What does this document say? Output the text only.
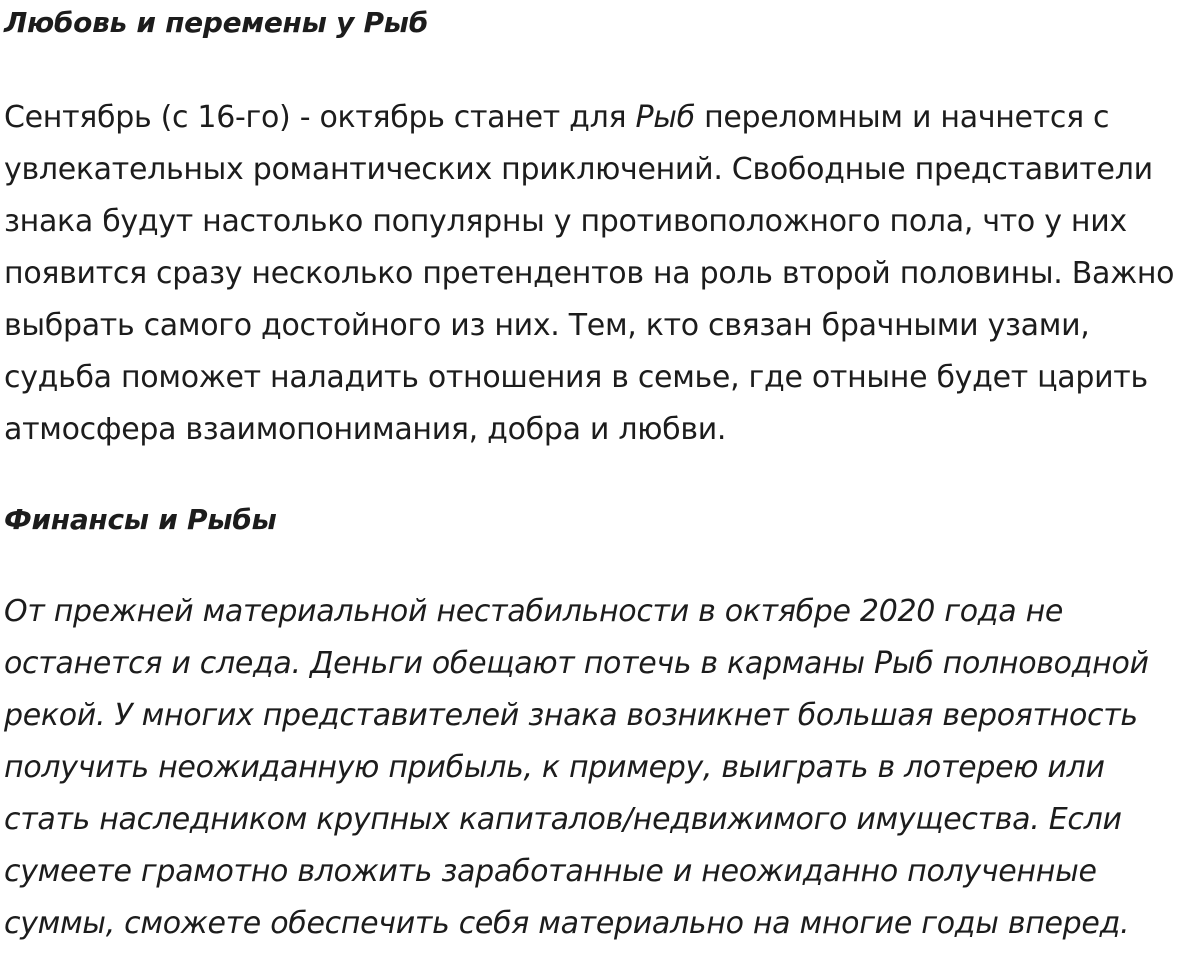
Любовь и перемены у Рыб

Сентябрь (с 16-го) - октябрь станет для Рыб переломным и начнется с
увлекательных романтических приключений. Свободные представители
знака будут настолько популярны у противоположного пола, что у них
появится сразу несколько претендентов на роль второй половины. Важно
выбрать самого достойного из них. Тем, кто связан брачными узами,
судьба поможет наладить отношения в семье, где отныне будет царить
атмосфера взаимопонимания, добра и любви.

Финансы и Рыбы

От прежней материальной нестабильности в октябре 2020 года не
останется и следа. Деньги обещают потечь в карманы Рыб полноводной
рекой. У многих представителей знака возникнет большая вероятность
получить неожиданную прибыль, к примеру, выиграть в лотерею или
стать наследником крупных капиталов/недвижимого имущества. Если
сумеете грамотно вложить заработанные и неожиданно полученные
суммы, сможете обеспечить себя материально на многие годы вперед.
